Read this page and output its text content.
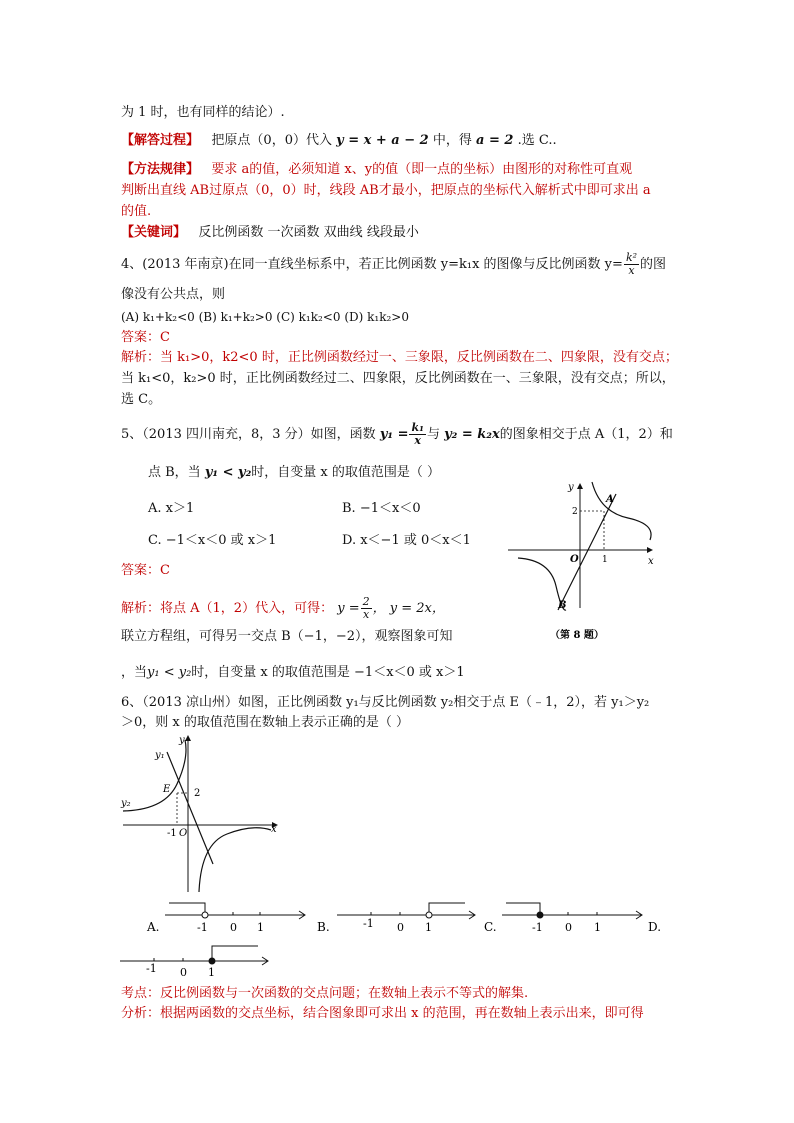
为 1 时，也有同样的结论）.
【解答过程】 把原点（0，0）代入 y = x + a − 2 中，得 a = 2 .选 C..
【方法规律】 要求 a的值，必须知道 x、y的值（即一点的坐标）由图形的对称性可直观
判断出直线 AB过原点（0，0）时，线段 AB才最小，把原点的坐标代入解析式中即可求出 a
的值.
【关键词】 反比例函数 一次函数 双曲线 线段最小
4、(2013 年南京)在同一直线坐标系中，若正比例函数 y=k₁x 的图像与反比例函数 $y= \frac{\text{k²}}{x}$ 的图
像没有公共点，则
(A) k₁+k₂<0 (B) k₁+k₂>0 (C) k₁k₂<0 (D) k₁k₂>0
答案：C
解析：当 k₁>0，k2<0 时，正比例函数经过一、三象限，反比例函数在二、四象限，没有交点；
当 k₁<0，k₂>0 时，正比例函数经过二、四象限，反比例函数在一、三象限，没有交点；所以，
选 C。
5、（2013 四川南充，8，3 分）如图，函数 $y_1 = \frac{\text{k₁}}{x}$ 与 y₂ = k₂x的图象相交于点 A（1，2）和
点 B，当 y₁ < y₂时，自变量 x 的取值范围是（ ）
A. x＞1	B. −1＜x＜0
C. −1＜x＜0 或 x＞1	D. x＜−1 或 0＜x＜1
答案：C
解析：将点 A（1，2）代入，可得： $y = \frac{2}{x}$ ， y = 2x，
联立方程组，可得另一交点 B（−1，−2），观察图象可知
，当y₁ < y₂时，自变量 x 的取值范围是 −1＜x＜0 或 x＞1
y
x
O
A
B
2
1
（第 8 题）
6、（2013 凉山州）如图，正比例函数 y₁与反比例函数 y₂相交于点 E（﹣1，2），若 y₁＞y₂
＞0，则 x 的取值范围在数轴上表示正确的是（ ）
y
x
y₁
y₂
E 2
-1 O
A.	-1 0 1	B.	-1 0 1	C.	-1 0 1	D.
-1 0 1
考点：反比例函数与一次函数的交点问题；在数轴上表示不等式的解集.
分析：根据两函数的交点坐标，结合图象即可求出 x 的范围，再在数轴上表示出来，即可得
